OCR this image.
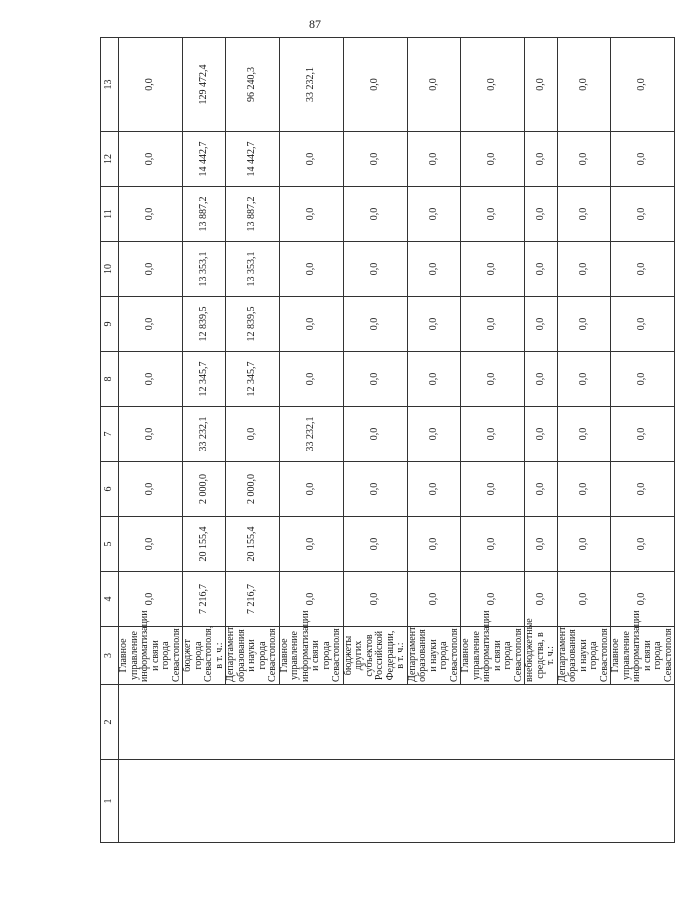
87
1	2	3	4	5	6	7	8	9	10	11	12	13
		Главное управление информатизации и связи города Севастополя	0,0	0,0	0,0	0,0	0,0	0,0	0,0	0,0	0,0	0,0
		бюджет города Севастополя, в т. ч.:	7 216,7	20 155,4	2 000,0	33 232,1	12 345,7	12 839,5	13 353,1	13 887,2	14 442,7	129 472,4
		Департамент образования и науки города Севастополя	7 216,7	20 155,4	2 000,0	0,0	12 345,7	12 839,5	13 353,1	13 887,2	14 442,7	96 240,3
		Главное управление информатизации и связи города Севастополя	0,0	0,0	0,0	33 232,1	0,0	0,0	0,0	0,0	0,0	33 232,1
		бюджеты других субъектов Российской Федерации, в т. ч.:	0,0	0,0	0,0	0,0	0,0	0,0	0,0	0,0	0,0	0,0
		Департамент образования и науки города Севастополя	0,0	0,0	0,0	0,0	0,0	0,0	0,0	0,0	0,0	0,0
		Главное управление информатизации и связи города Севастополя	0,0	0,0	0,0	0,0	0,0	0,0	0,0	0,0	0,0	0,0
		внебюджетные средства, в т. ч.:	0,0	0,0	0,0	0,0	0,0	0,0	0,0	0,0	0,0	0,0
		Департамент образования и науки города Севастополя	0,0	0,0	0,0	0,0	0,0	0,0	0,0	0,0	0,0	0,0
		Главное управление информатизации и связи города Севастополя	0,0	0,0	0,0	0,0	0,0	0,0	0,0	0,0	0,0	0,0
